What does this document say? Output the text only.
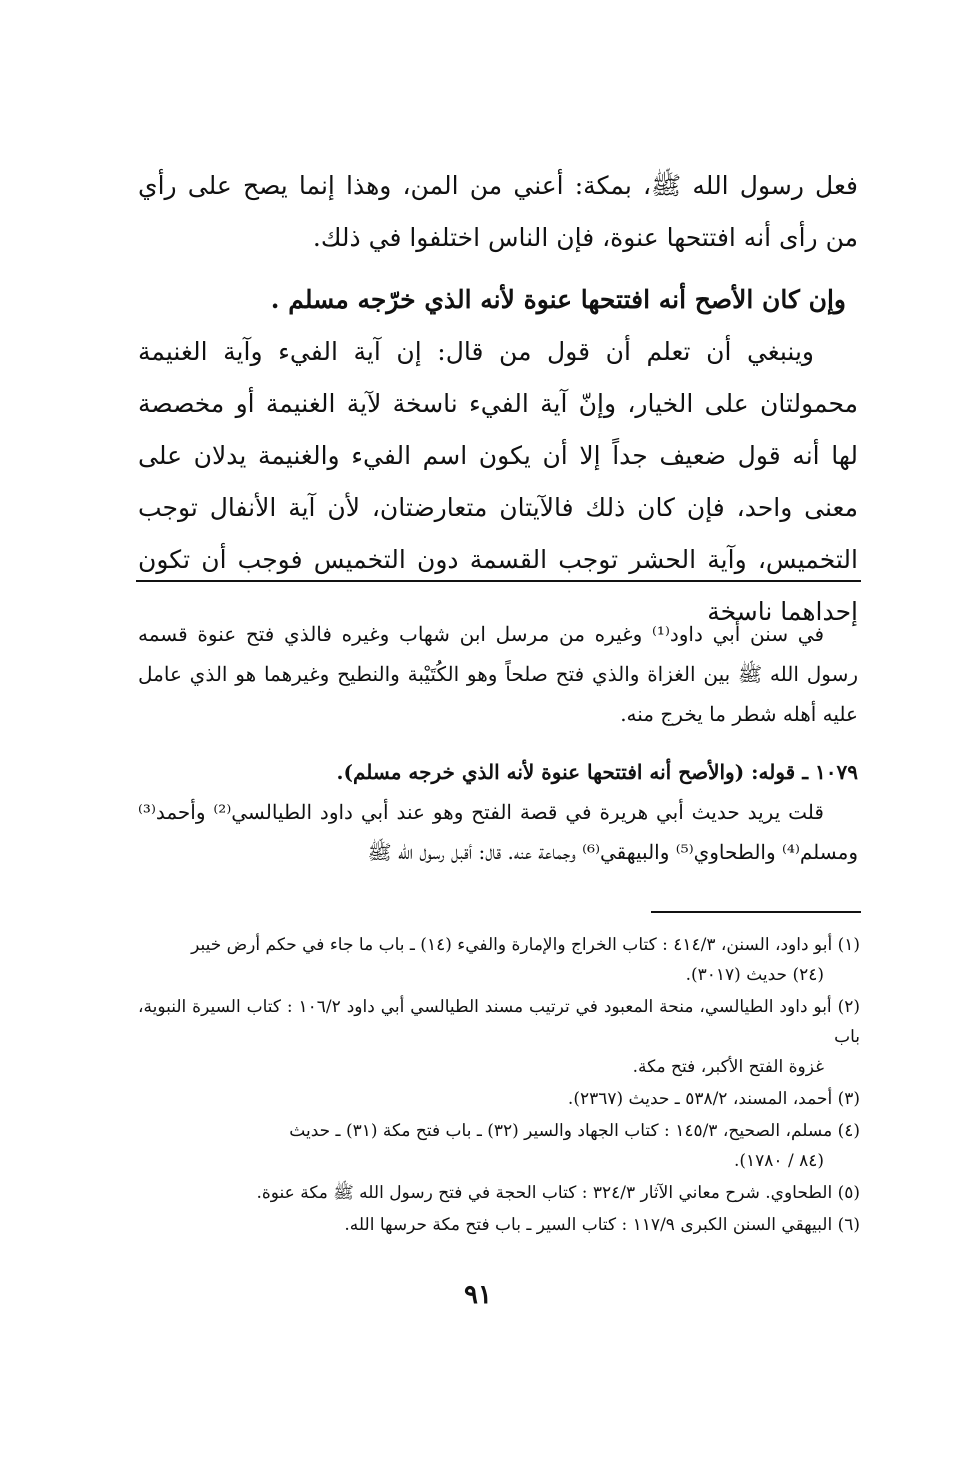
فعل رسول الله ﷺ، بمكة: أعني من المن، وهذا إنما يصح على رأي من رأى أنه افتتحها عنوة، فإن الناس اختلفوا في ذلك.

وإن كان الأصح أنه افتتحها عنوة لأنه الذي خرّجه مسلم .

وينبغي أن تعلم أن قول من قال: إن آية الفيء وآية الغنيمة محمولتان على الخيار، وإنّ آية الفيء ناسخة لآية الغنيمة أو مخصصة لها أنه قول ضعيف جداً إلا أن يكون اسم الفيء والغنيمة يدلان على معنى واحد، فإن كان ذلك فالآيتان متعارضتان، لأن آية الأنفال توجب التخميس، وآية الحشر توجب القسمة دون التخميس فوجب أن تكون إحداهما ناسخة

في سنن أبي داود⁽¹⁾ وغيره من مرسل ابن شهاب وغيره فالذي فتح عنوة قسمه رسول الله ﷺ بين الغزاة والذي فتح صلحاً وهو الكُتَيْبة والنطيح وغيرهما هو الذي عامل عليه أهله شطر ما يخرج منه.

١٠٧٩ ـ قوله: (والأصح أنه افتتحها عنوة لأنه الذي خرجه مسلم).

قلت يريد حديث أبي هريرة في قصة الفتح وهو عند أبي داود الطيالسي⁽²⁾ وأحمد⁽³⁾ ومسلم⁽⁴⁾ والطحاوي⁽⁵⁾ والبيهقي⁽⁶⁾ وجماعة عنه. قال: أقبل رسول الله ﷺ

(١) أبو داود، السنن، ٤١٤/٣ : كتاب الخراج والإمارة والفيء (١٤) ـ باب ما جاء في حكم أرض خيبر
(٢٤) حديث (٣٠١٧).

(٢) أبو داود الطيالسي، منحة المعبود في ترتيب مسند الطيالسي أبي داود ١٠٦/٢ : كتاب السيرة النبوية، باب
غزوة الفتح الأكبر، فتح مكة.

(٣) أحمد، المسند، ٥٣٨/٢ ـ حديث (٢٣٦٧).

(٤) مسلم، الصحيح، ١٤٥/٣ : كتاب الجهاد والسير (٣٢) ـ باب فتح مكة (٣١) ـ حديث
(٨٤ / ١٧٨٠).

(٥) الطحاوي. شرح معاني الآثار ٣٢٤/٣ : كتاب الحجة في فتح رسول الله ﷺ مكة عنوة.

(٦) البيهقي السنن الكبرى ١١٧/٩ : كتاب السير ـ باب فتح مكة حرسها الله.

٩١
